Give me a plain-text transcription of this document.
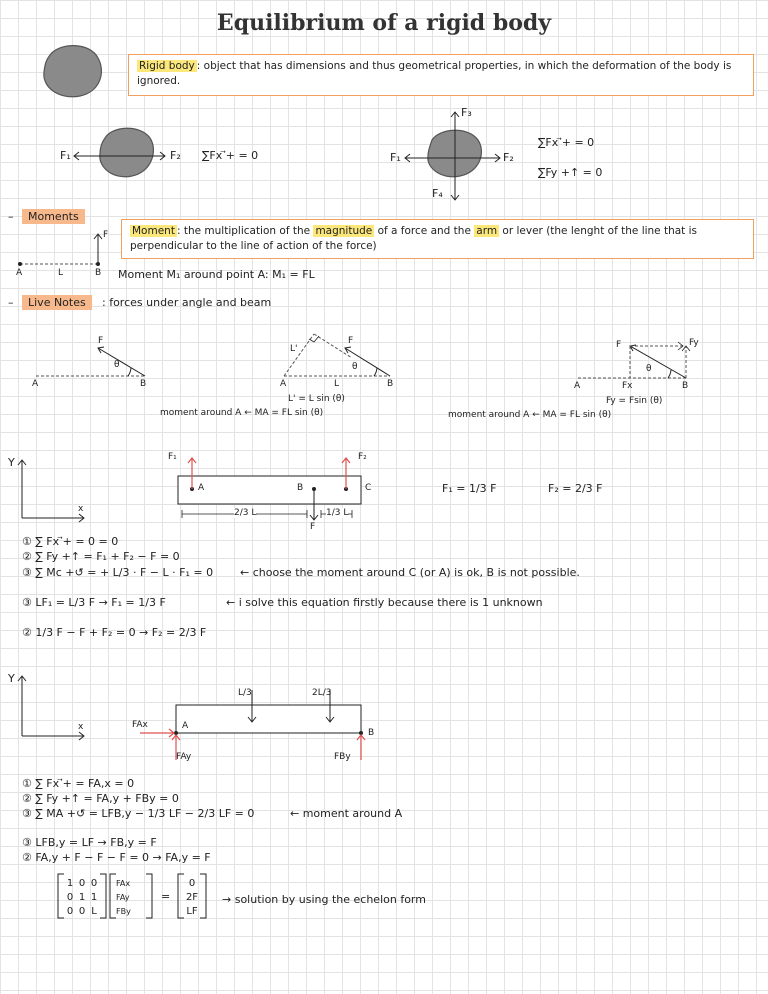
Equilibrium of a rigid body
Rigid body : object that has dimensions and thus geometrical properties, in which the deformation of the body is ignored.
F₁	F₂ ∑Fx ⃗+ = 0	F₁	F₂
F₃
F₄
∑Fx ⃗+ = 0
∑Fy +↑ = 0
–	Moments
Moment : the multiplication of the magnitude of a force and the arm or lever (the lenght of the line that is perpendicular to the line of action of the force)
F
A	L	B Moment M₁ around point A: M₁ = FL
–	Live Notes	: forces under angle and beam
F
θ
A	B
F
L'
θ
A	L	B
L' = L sin (θ)
moment around A ← MA = FL sin (θ)
F	Fy
θ
A	Fx	B
Fy = Fsin (θ)
moment around A ← MA = FL sin (θ)
Y
x
F₁	F₂
A	B	C
F
2/3 L	1/3 L
F₁ = 1/3 F	F₂ = 2/3 F
① ∑ Fx ⃗+ = 0 = 0
② ∑ Fy +↑ = F₁ + F₂ − F = 0
③ ∑ Mc +↺ = + L/3 · F − L · F₁ = 0 ← choose the moment around C (or A) is ok, B is not possible.
③ LF₁ = L/3 F → F₁ = 1/3 F	← i solve this equation firstly because there is 1 unknown
② 1/3 F − F + F₂ = 0 → F₂ = 2/3 F
Y
x
L/3	2L/3
FAx	A
B
FAy	FBy
① ∑ Fx ⃗+ = FA,x = 0
② ∑ Fy +↑ = FA,y + FBy = 0
③ ∑ MA +↺ = LFB,y − 1/3 LF − 2/3 LF = 0	← moment around A
③ LFB,y = LF → FB,y = F
② FA,y + F − F − F = 0 → FA,y = F
1 0 0
0 1 1
0 0 L
FAx
FAy
FBy
=
0
2F
LF
→ solution by using the echelon form
